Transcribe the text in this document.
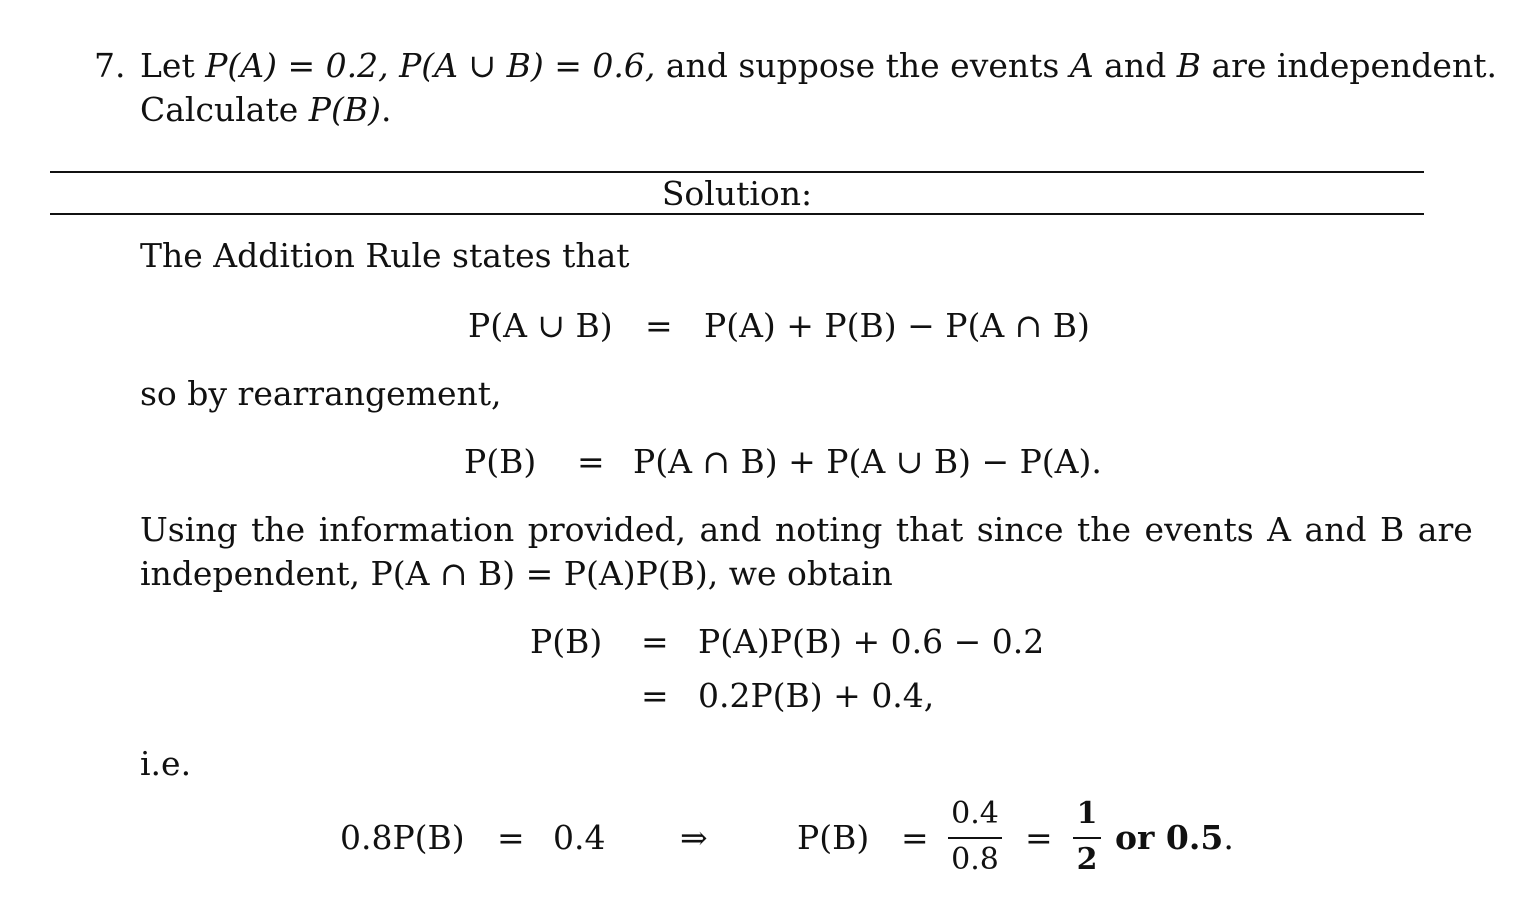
7. Let P(A) = 0.2, P(A ∪ B) = 0.6, and suppose the events A and B are independent.
Calculate P(B).
Solution:
The Addition Rule states that
P(A ∪ B) = P(A) + P(B) − P(A ∩ B)
so by rearrangement,
P(B) = P(A ∩ B) + P(A ∪ B) − P(A).
Using the information provided, and noting that since the events A and B are
independent, P(A ∩ B) = P(A)P(B), we obtain
P(B) = P(A)P(B) + 0.6 − 0.2
= 0.2P(B) + 0.4,
i.e.
0.8P(B) = 0.4 ⇒	P(B) =
0.4
0.8
=
1
2
or 0.5.
